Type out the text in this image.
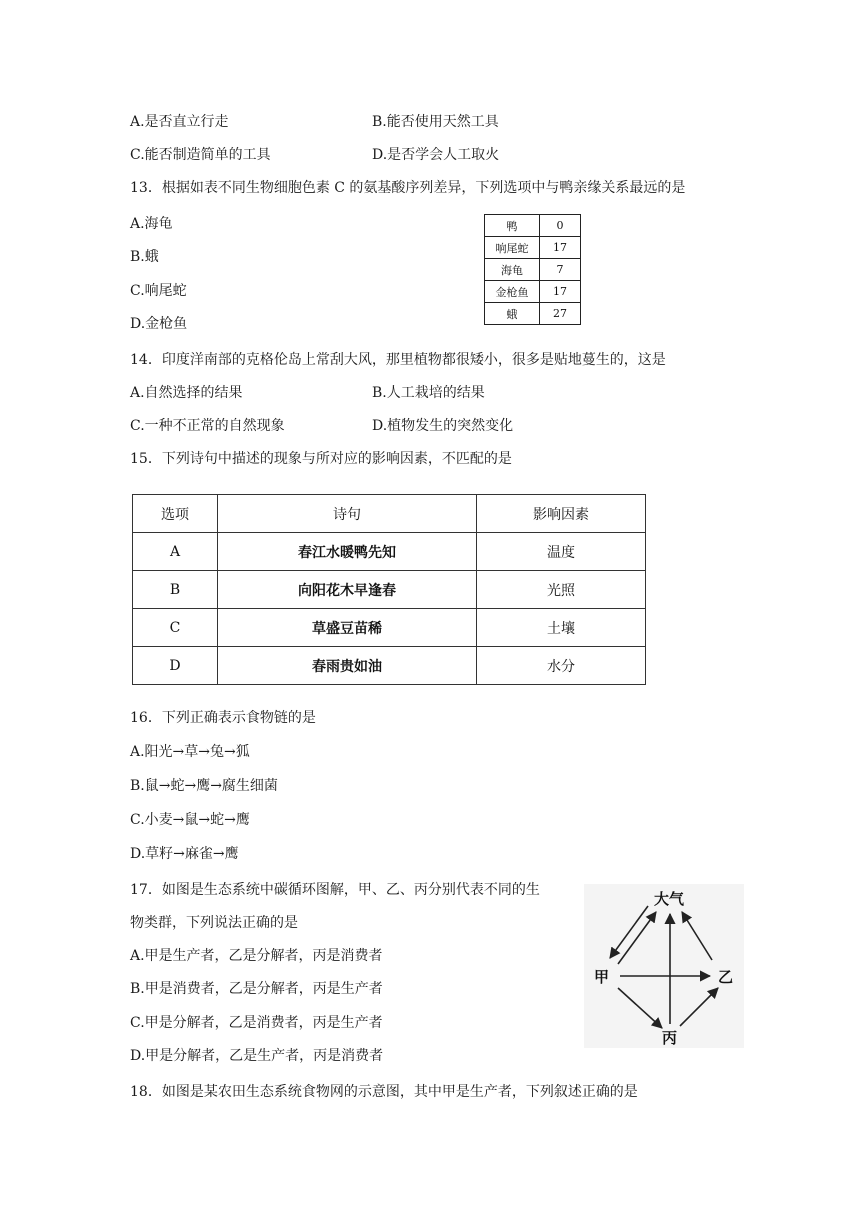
A.是否直立行走	B.能否使用天然工具
C.能否制造简单的工具	D.是否学会人工取火
13．根据如表不同生物细胞色素 C 的氨基酸序列差异，下列选项中与鸭亲缘关系最远的是
A.海龟
B.蛾
C.响尾蛇
D.金枪鱼
鸭	0
响尾蛇	17
海龟	7
金枪鱼	17
蛾	27
14．印度洋南部的克格伦岛上常刮大风，那里植物都很矮小，很多是贴地蔓生的，这是
A.自然选择的结果	B.人工栽培的结果
C.一种不正常的自然现象	D.植物发生的突然变化
15．下列诗句中描述的现象与所对应的影响因素，不匹配的是
选项	诗句	影响因素
A	春江水暖鸭先知	温度
B	向阳花木早逢春	光照
C	草盛豆苗稀	土壤
D	春雨贵如油	水分
16．下列正确表示食物链的是
A.阳光→草→兔→狐
B.鼠→蛇→鹰→腐生细菌
C.小麦→鼠→蛇→鹰
D.草籽→麻雀→鹰
17．如图是生态系统中碳循环图解，甲、乙、丙分别代表不同的生
物类群，下列说法正确的是
A.甲是生产者，乙是分解者，丙是消费者
B.甲是消费者，乙是分解者，丙是生产者
C.甲是分解者，乙是消费者，丙是生产者
D.甲是分解者，乙是生产者，丙是消费者
大气
甲	乙
丙
18．如图是某农田生态系统食物网的示意图，其中甲是生产者，下列叙述正确的是
